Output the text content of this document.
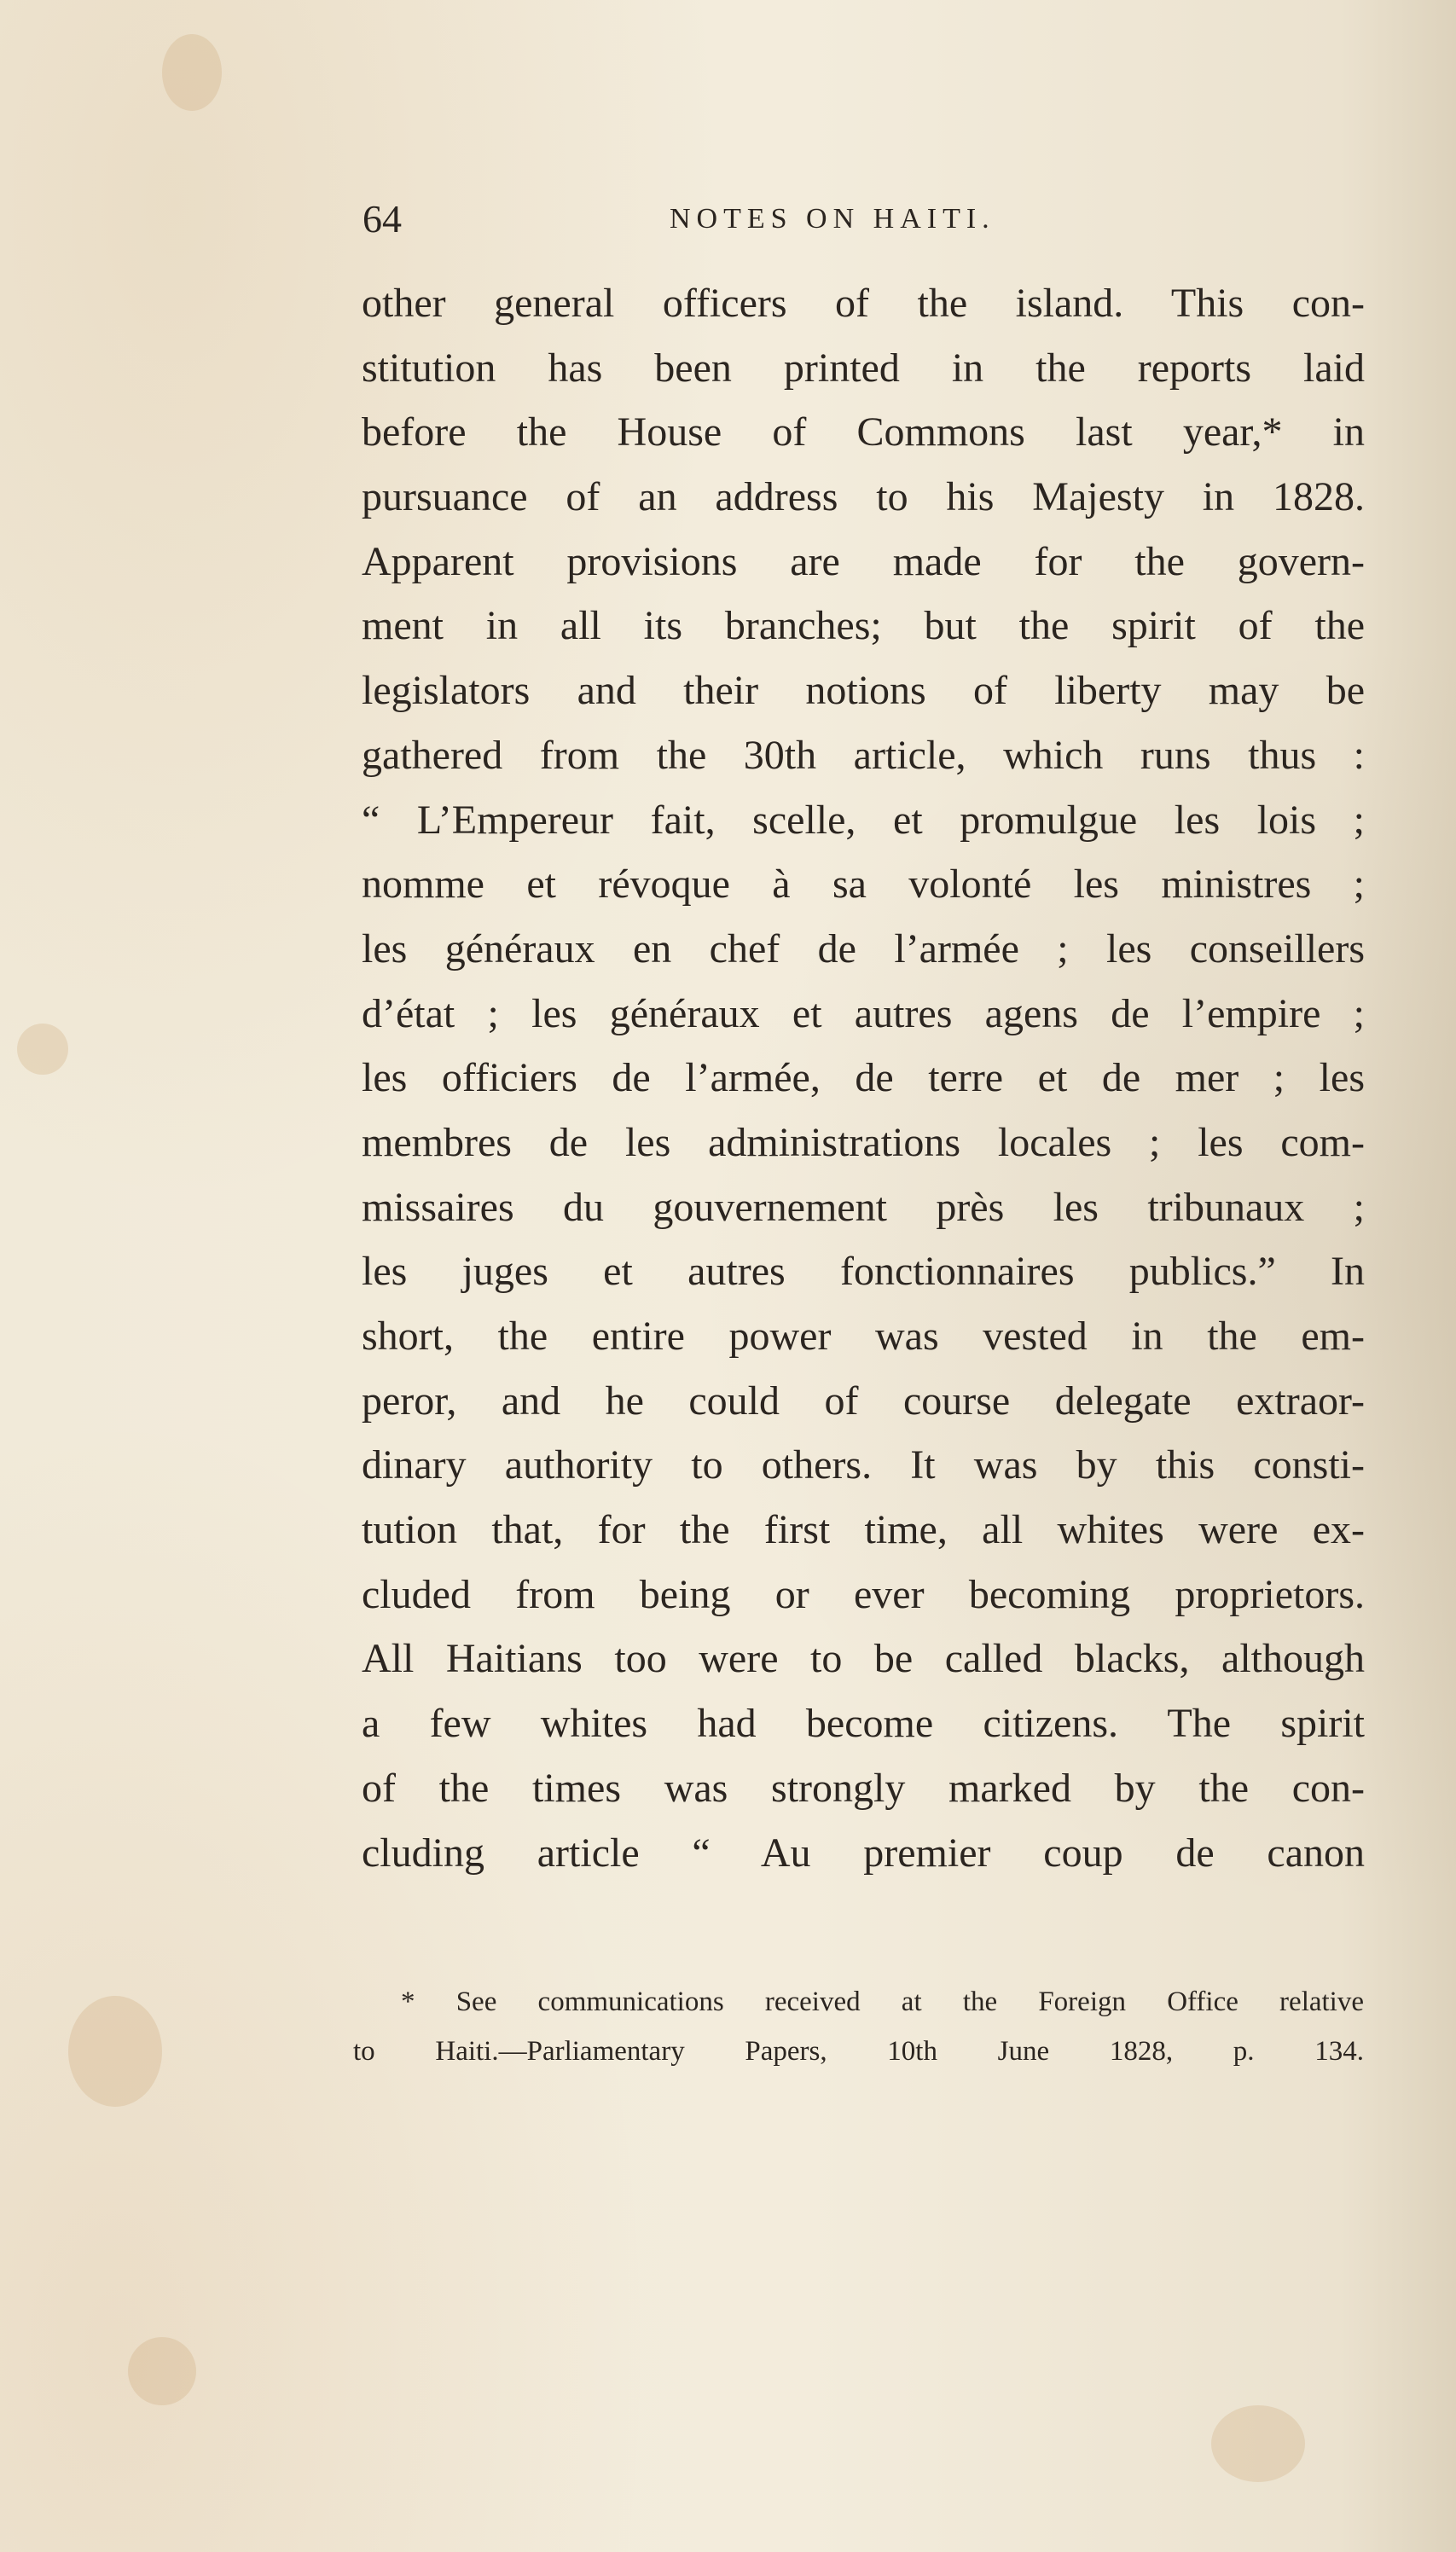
64	NOTES ON HAITI.
other general officers of the island. This con-
stitution has been printed in the reports laid
before the House of Commons last year,* in
pursuance of an address to his Majesty in 1828.
Apparent provisions are made for the govern-
ment in all its branches; but the spirit of the
legislators and their notions of liberty may be
gathered from the 30th article, which runs thus :
“ L’Empereur fait, scelle, et promulgue les lois ;
nomme et révoque à sa volonté les ministres ;
les généraux en chef de l’armée ; les conseillers
d’état ; les généraux et autres agens de l’empire ;
les officiers de l’armée, de terre et de mer ; les
membres de les administrations locales ; les com-
missaires du gouvernement près les tribunaux ;
les juges et autres fonctionnaires publics.” In
short, the entire power was vested in the em-
peror, and he could of course delegate extraor-
dinary authority to others. It was by this consti-
tution that, for the first time, all whites were ex-
cluded from being or ever becoming proprietors.
All Haitians too were to be called blacks, although
a few whites had become citizens. The spirit
of the times was strongly marked by the con-
cluding article “ Au premier coup de canon
* See communications received at the Foreign Office relative
to Haiti.—Parliamentary Papers, 10th June 1828, p. 134.
